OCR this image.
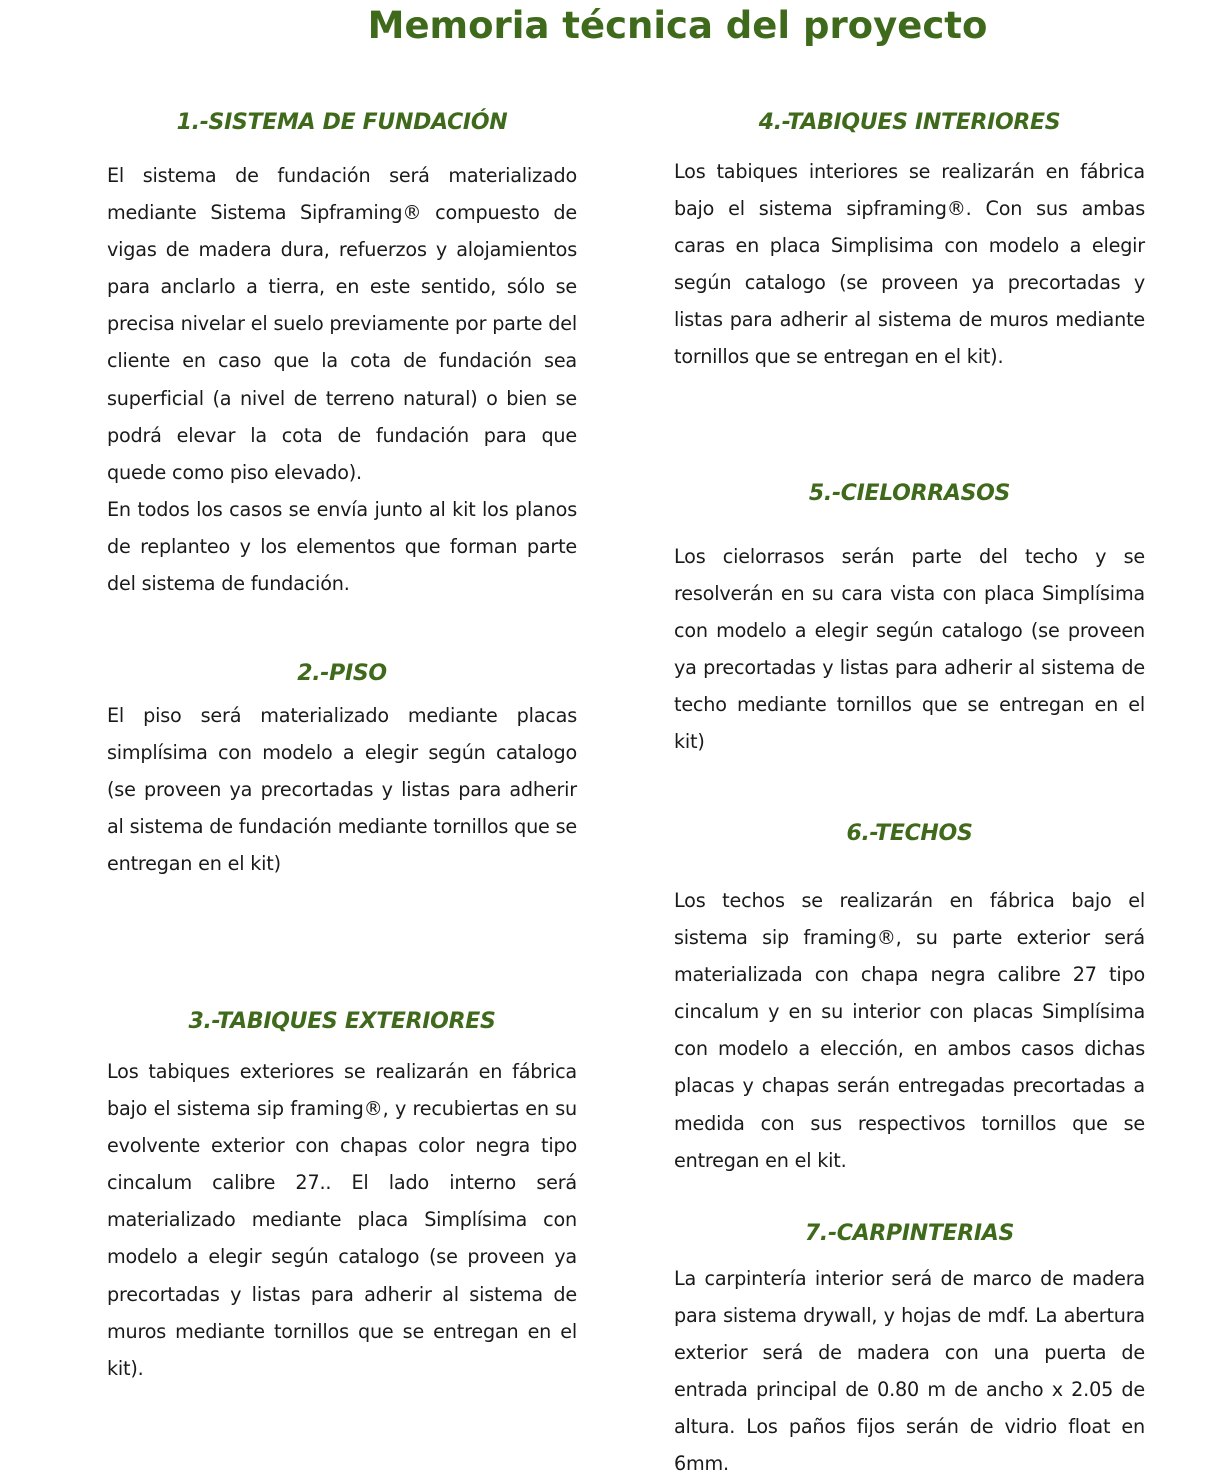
Memoria técnica del proyecto
1.-SISTEMA DE FUNDACIÓN

El sistema de fundación será materializado mediante Sistema Sipframing® compuesto de vigas de madera dura, refuerzos y alojamientos para anclarlo a tierra, en este sentido, sólo se precisa nivelar el suelo previamente por parte del cliente en caso que la cota de fundación sea superficial (a nivel de terreno natural) o bien se podrá elevar la cota de fundación para que quede como piso elevado).

En todos los casos se envía junto al kit los planos de replanteo y los elementos que forman parte del sistema de fundación.

2.-PISO

El piso será materializado mediante placas simplísima con modelo a elegir según catalogo (se proveen ya precortadas y listas para adherir al sistema de fundación mediante tornillos que se entregan en el kit)

3.-TABIQUES EXTERIORES

Los tabiques exteriores se realizarán en fábrica bajo el sistema sip framing®, y recubiertas en su evolvente exterior con chapas color negra tipo cincalum calibre 27.. El lado interno será materializado mediante placa Simplísima con modelo a elegir según catalogo (se proveen ya precortadas y listas para adherir al sistema de muros mediante tornillos que se entregan en el kit).

4.-TABIQUES INTERIORES

Los tabiques interiores se realizarán en fábrica bajo el sistema sipframing®. Con sus ambas caras en placa Simplisima con modelo a elegir según catalogo (se proveen ya precortadas y listas para adherir al sistema de muros mediante tornillos que se entregan en el kit).

5.-CIELORRASOS

Los cielorrasos serán parte del techo y se resolverán en su cara vista con placa Simplísima con modelo a elegir según catalogo (se proveen ya precortadas y listas para adherir al sistema de techo mediante tornillos que se entregan en el kit)

6.-TECHOS

Los techos se realizarán en fábrica bajo el sistema sip framing®, su parte exterior será materializada con chapa negra calibre 27 tipo cincalum y en su interior con placas Simplísima con modelo a elección, en ambos casos dichas placas y chapas serán entregadas precortadas a medida con sus respectivos tornillos que se entregan en el kit.

7.-CARPINTERIAS

La carpintería interior será de marco de madera para sistema drywall, y hojas de mdf. La abertura exterior será de madera con una puerta de entrada principal de 0.80 m de ancho x 2.05 de altura. Los paños fijos serán de vidrio float en 6mm.
